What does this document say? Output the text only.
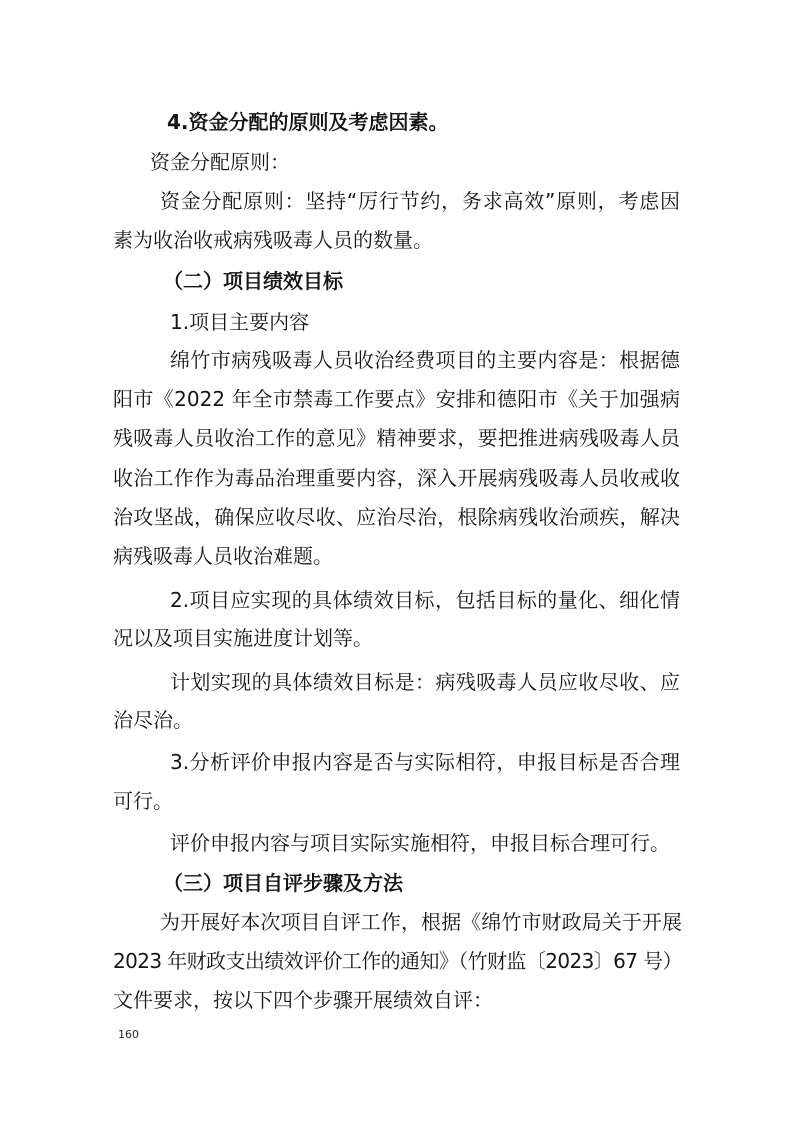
4.资金分配的原则及考虑因素。
资金分配原则：
资金分配原则：坚持“厉行节约，务求高效”原则，考虑因
素为收治收戒病残吸毒人员的数量。
（二）项目绩效目标
1.项目主要内容
绵竹市病残吸毒人员收治经费项目的主要内容是：根据德
阳市《2022 年全市禁毒工作要点》安排和德阳市《关于加强病
残吸毒人员收治工作的意见》精神要求，要把推进病残吸毒人员
收治工作作为毒品治理重要内容，深入开展病残吸毒人员收戒收
治攻坚战，确保应收尽收、应治尽治，根除病残收治顽疾，解决
病残吸毒人员收治难题。
2.项目应实现的具体绩效目标，包括目标的量化、细化情
况以及项目实施进度计划等。
计划实现的具体绩效目标是：病残吸毒人员应收尽收、应
治尽治。
3.分析评价申报内容是否与实际相符，申报目标是否合理
可行。
评价申报内容与项目实际实施相符，申报目标合理可行。
（三）项目自评步骤及方法
为开展好本次项目自评工作，根据《绵竹市财政局关于开展
2023 年财政支出绩效评价工作的通知》（竹财监〔2023〕67 号）
文件要求，按以下四个步骤开展绩效自评：
160
